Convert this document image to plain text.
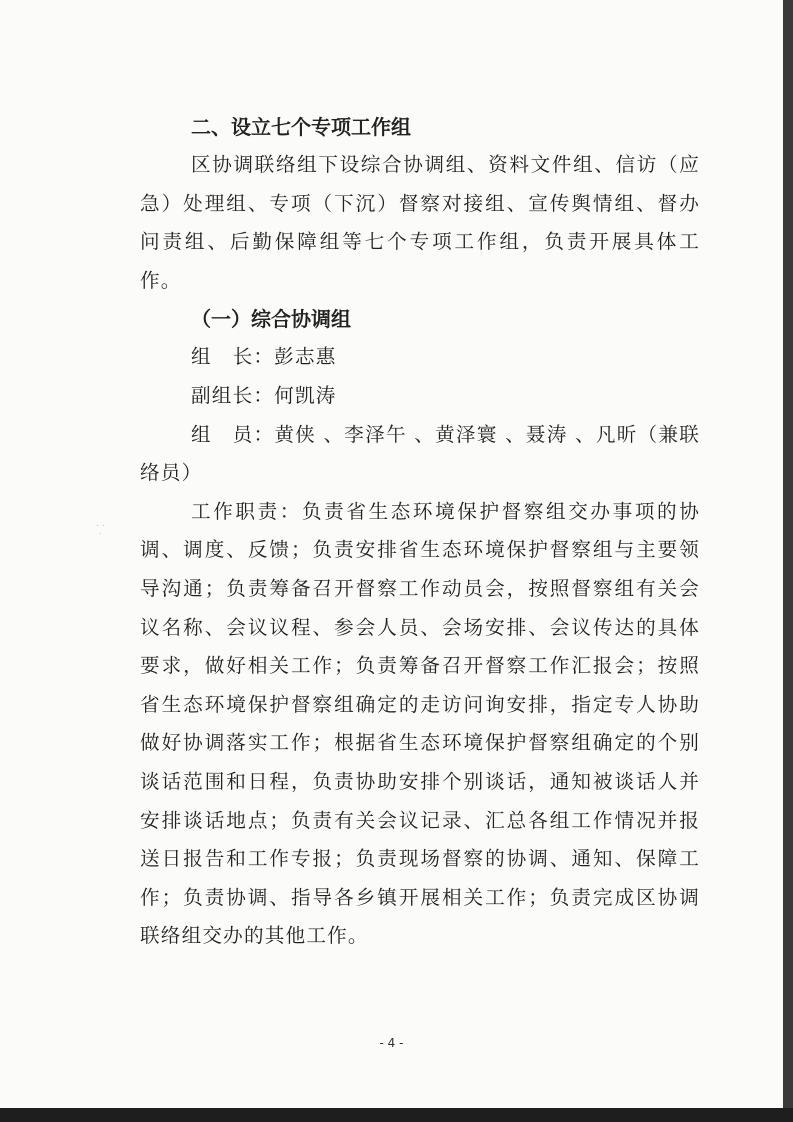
. .
.

二、设立七个专项工作组

区协调联络组下设综合协调组、资料文件组、信访（应急）处理组、专项（下沉）督察对接组、宣传舆情组、督办问责组、后勤保障组等七个专项工作组，负责开展具体工作。

（一）综合协调组

组　长：彭志惠

副组长：何凯涛

组　员：黄侠 、李泽午 、黄泽寰 、聂涛 、凡昕（兼联络员）

工作职责：负责省生态环境保护督察组交办事项的协调、调度、反馈；负责安排省生态环境保护督察组与主要领导沟通；负责筹备召开督察工作动员会，按照督察组有关会议名称、会议议程、参会人员、会场安排、会议传达的具体要求，做好相关工作；负责筹备召开督察工作汇报会；按照省生态环境保护督察组确定的走访问询安排，指定专人协助做好协调落实工作；根据省生态环境保护督察组确定的个别谈话范围和日程，负责协助安排个别谈话，通知被谈话人并安排谈话地点；负责有关会议记录、汇总各组工作情况并报送日报告和工作专报；负责现场督察的协调、通知、保障工作；负责协调、指导各乡镇开展相关工作；负责完成区协调联络组交办的其他工作。

- 4 -
